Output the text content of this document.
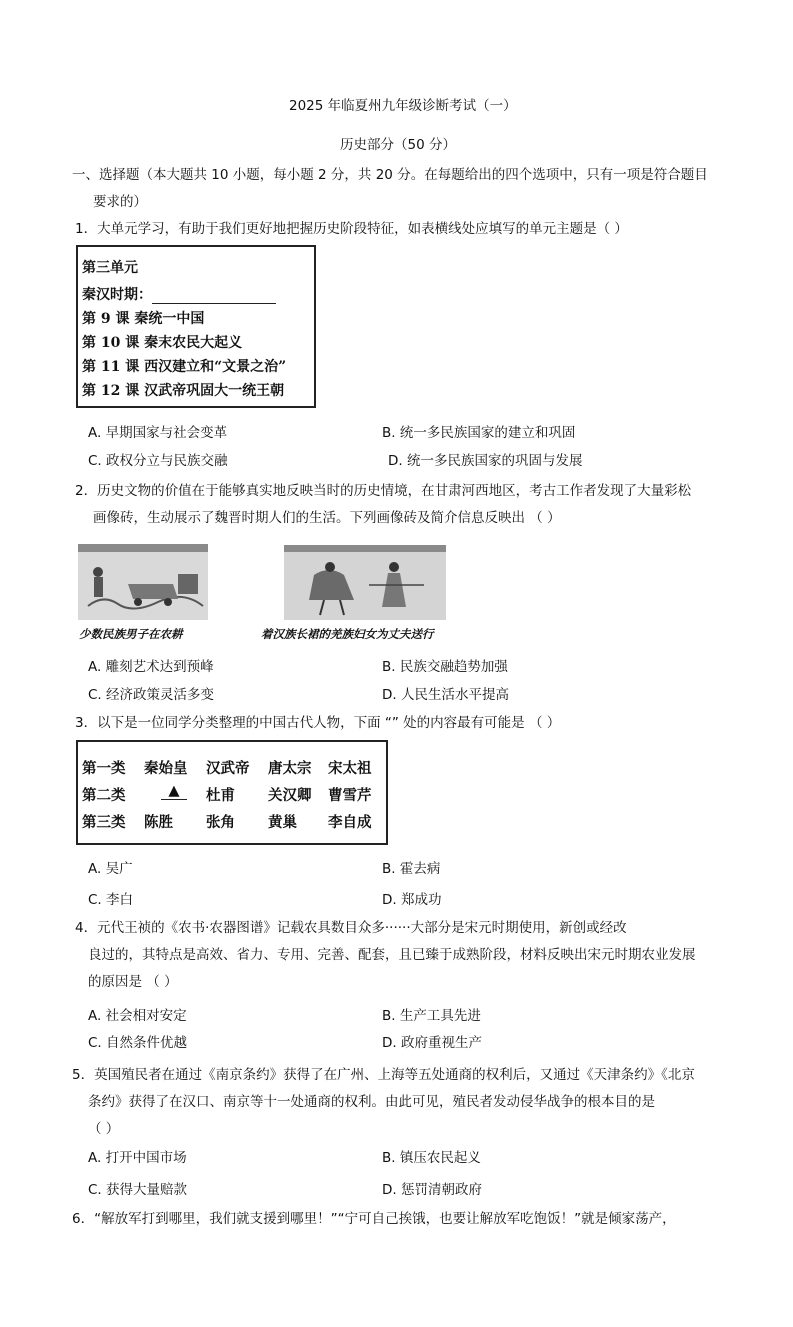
2025 年临夏州九年级诊断考试（一）
历史部分（50 分）
一、选择题（本大题共 10 小题，每小题 2 分，共 20 分。在每题给出的四个选项中，只有一项是符合题目
要求的）
1．大单元学习，有助于我们更好地把握历史阶段特征，如表横线处应填写的单元主题是（ ）
第三单元
秦汉时期：
第 9 课 秦统一中国
第 10 课 秦末农民大起义
第 11 课 西汉建立和“文景之治”
第 12 课 汉武帝巩固大一统王朝
A. 早期国家与社会变革	B. 统一多民族国家的建立和巩固
C. 政权分立与民族交融	D. 统一多民族国家的巩固与发展
2．历史文物的价值在于能够真实地反映当时的历史情境，在甘肃河西地区，考古工作者发现了大量彩松
画像砖，生动展示了魏晋时期人们的生活。下列画像砖及简介信息反映出 （ ）
少数民族男子在农耕	着汉族长裙的羌族妇女为丈夫送行
A. 雕刻艺术达到预峰	B. 民族交融趋势加强
C. 经济政策灵活多变	D. 人民生活水平提高
3．以下是一位同学分类整理的中国古代人物，下面 “” 处的内容最有可能是 （ ）
第一类 秦始皇 汉武帝 唐太宗 宋太祖
第二类	▲	杜甫 关汉卿 曹雪芹
第三类 陈胜 张角 黄巢 李自成
A. 吴广	B. 霍去病
C. 李白	D. 郑成功
4．元代王祯的《农书·农器图谱》记载农具数目众多······大部分是宋元时期使用，新创或经改
良过的，其特点是高效、省力、专用、完善、配套，且已臻于成熟阶段，材料反映出宋元时期农业发展
的原因是 （ ）
A. 社会相对安定	B. 生产工具先进
C. 自然条件优越	D. 政府重视生产
5．英国殖民者在通过《南京条约》获得了在广州、上海等五处通商的权利后，又通过《天津条约》《北京
条约》获得了在汉口、南京等十一处通商的权利。由此可见，殖民者发动侵华战争的根本目的是
（ ）
A. 打开中国市场	B. 镇压农民起义
C. 获得大量赔款	D. 惩罚清朝政府
6．“解放军打到哪里，我们就支援到哪里！”“宁可自己挨饿，也要让解放军吃饱饭！”就是倾家荡产，
